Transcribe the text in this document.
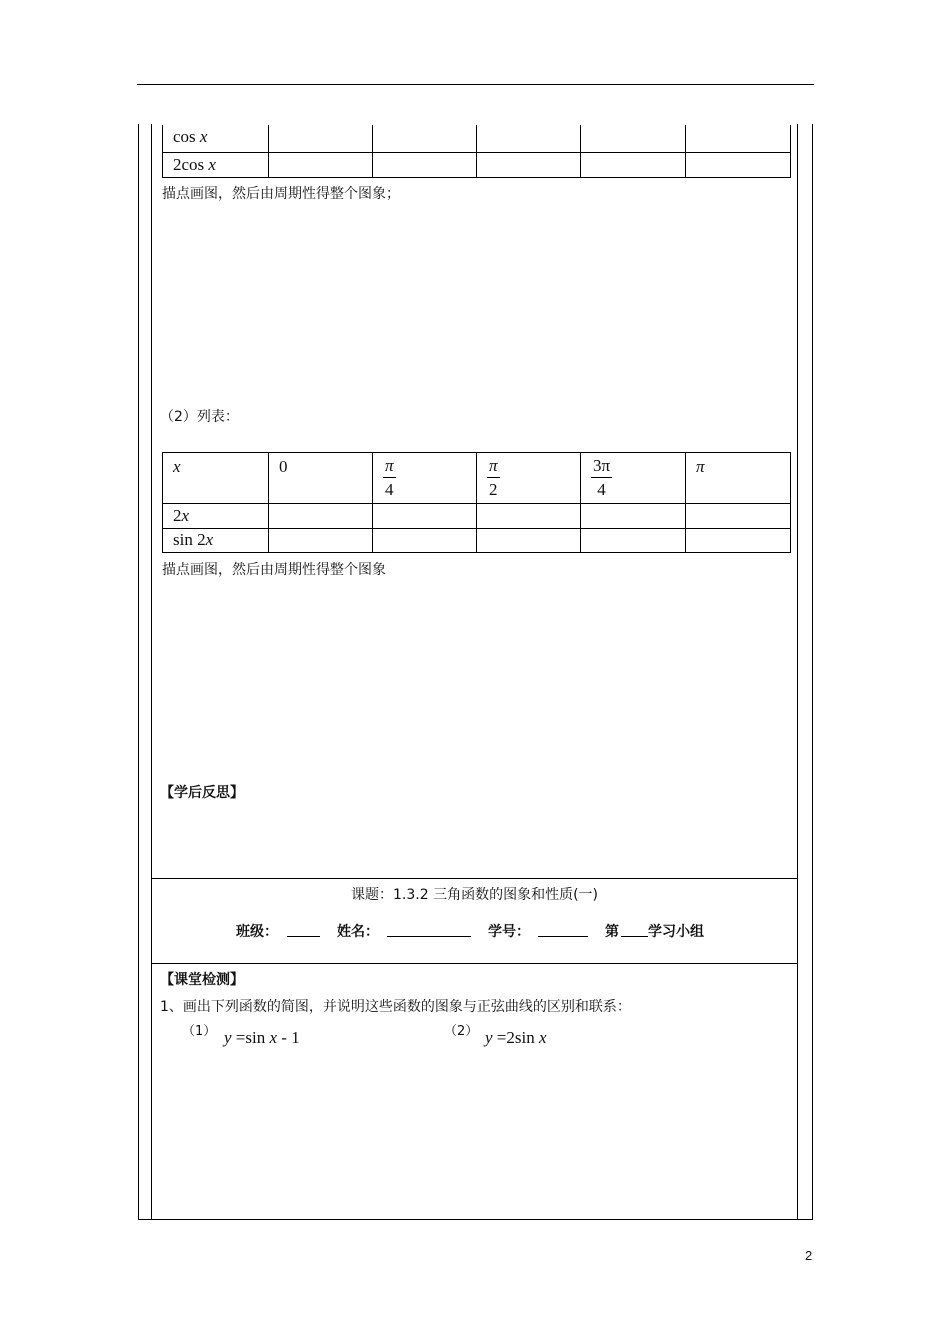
cos x					
2cos x					
描点画图，然后由周期性得整个图象；
（2）列表：
x	0	$\frac{\pi}{4}$	$\frac{\pi}{2}$	$\frac{3\pi}{4}$	π
2x					
sin 2x					
描点画图，然后由周期性得整个图象
【学后反思】
课题：1.3.2 三角函数的图象和性质(一)
班级：	姓名：	学号：	第 学习小组
【课堂检测】
1、画出下列函数的简图，并说明这些函数的图象与正弦曲线的区别和联系：
（1） y =sin x - 1	（2） y =2sin x
2
